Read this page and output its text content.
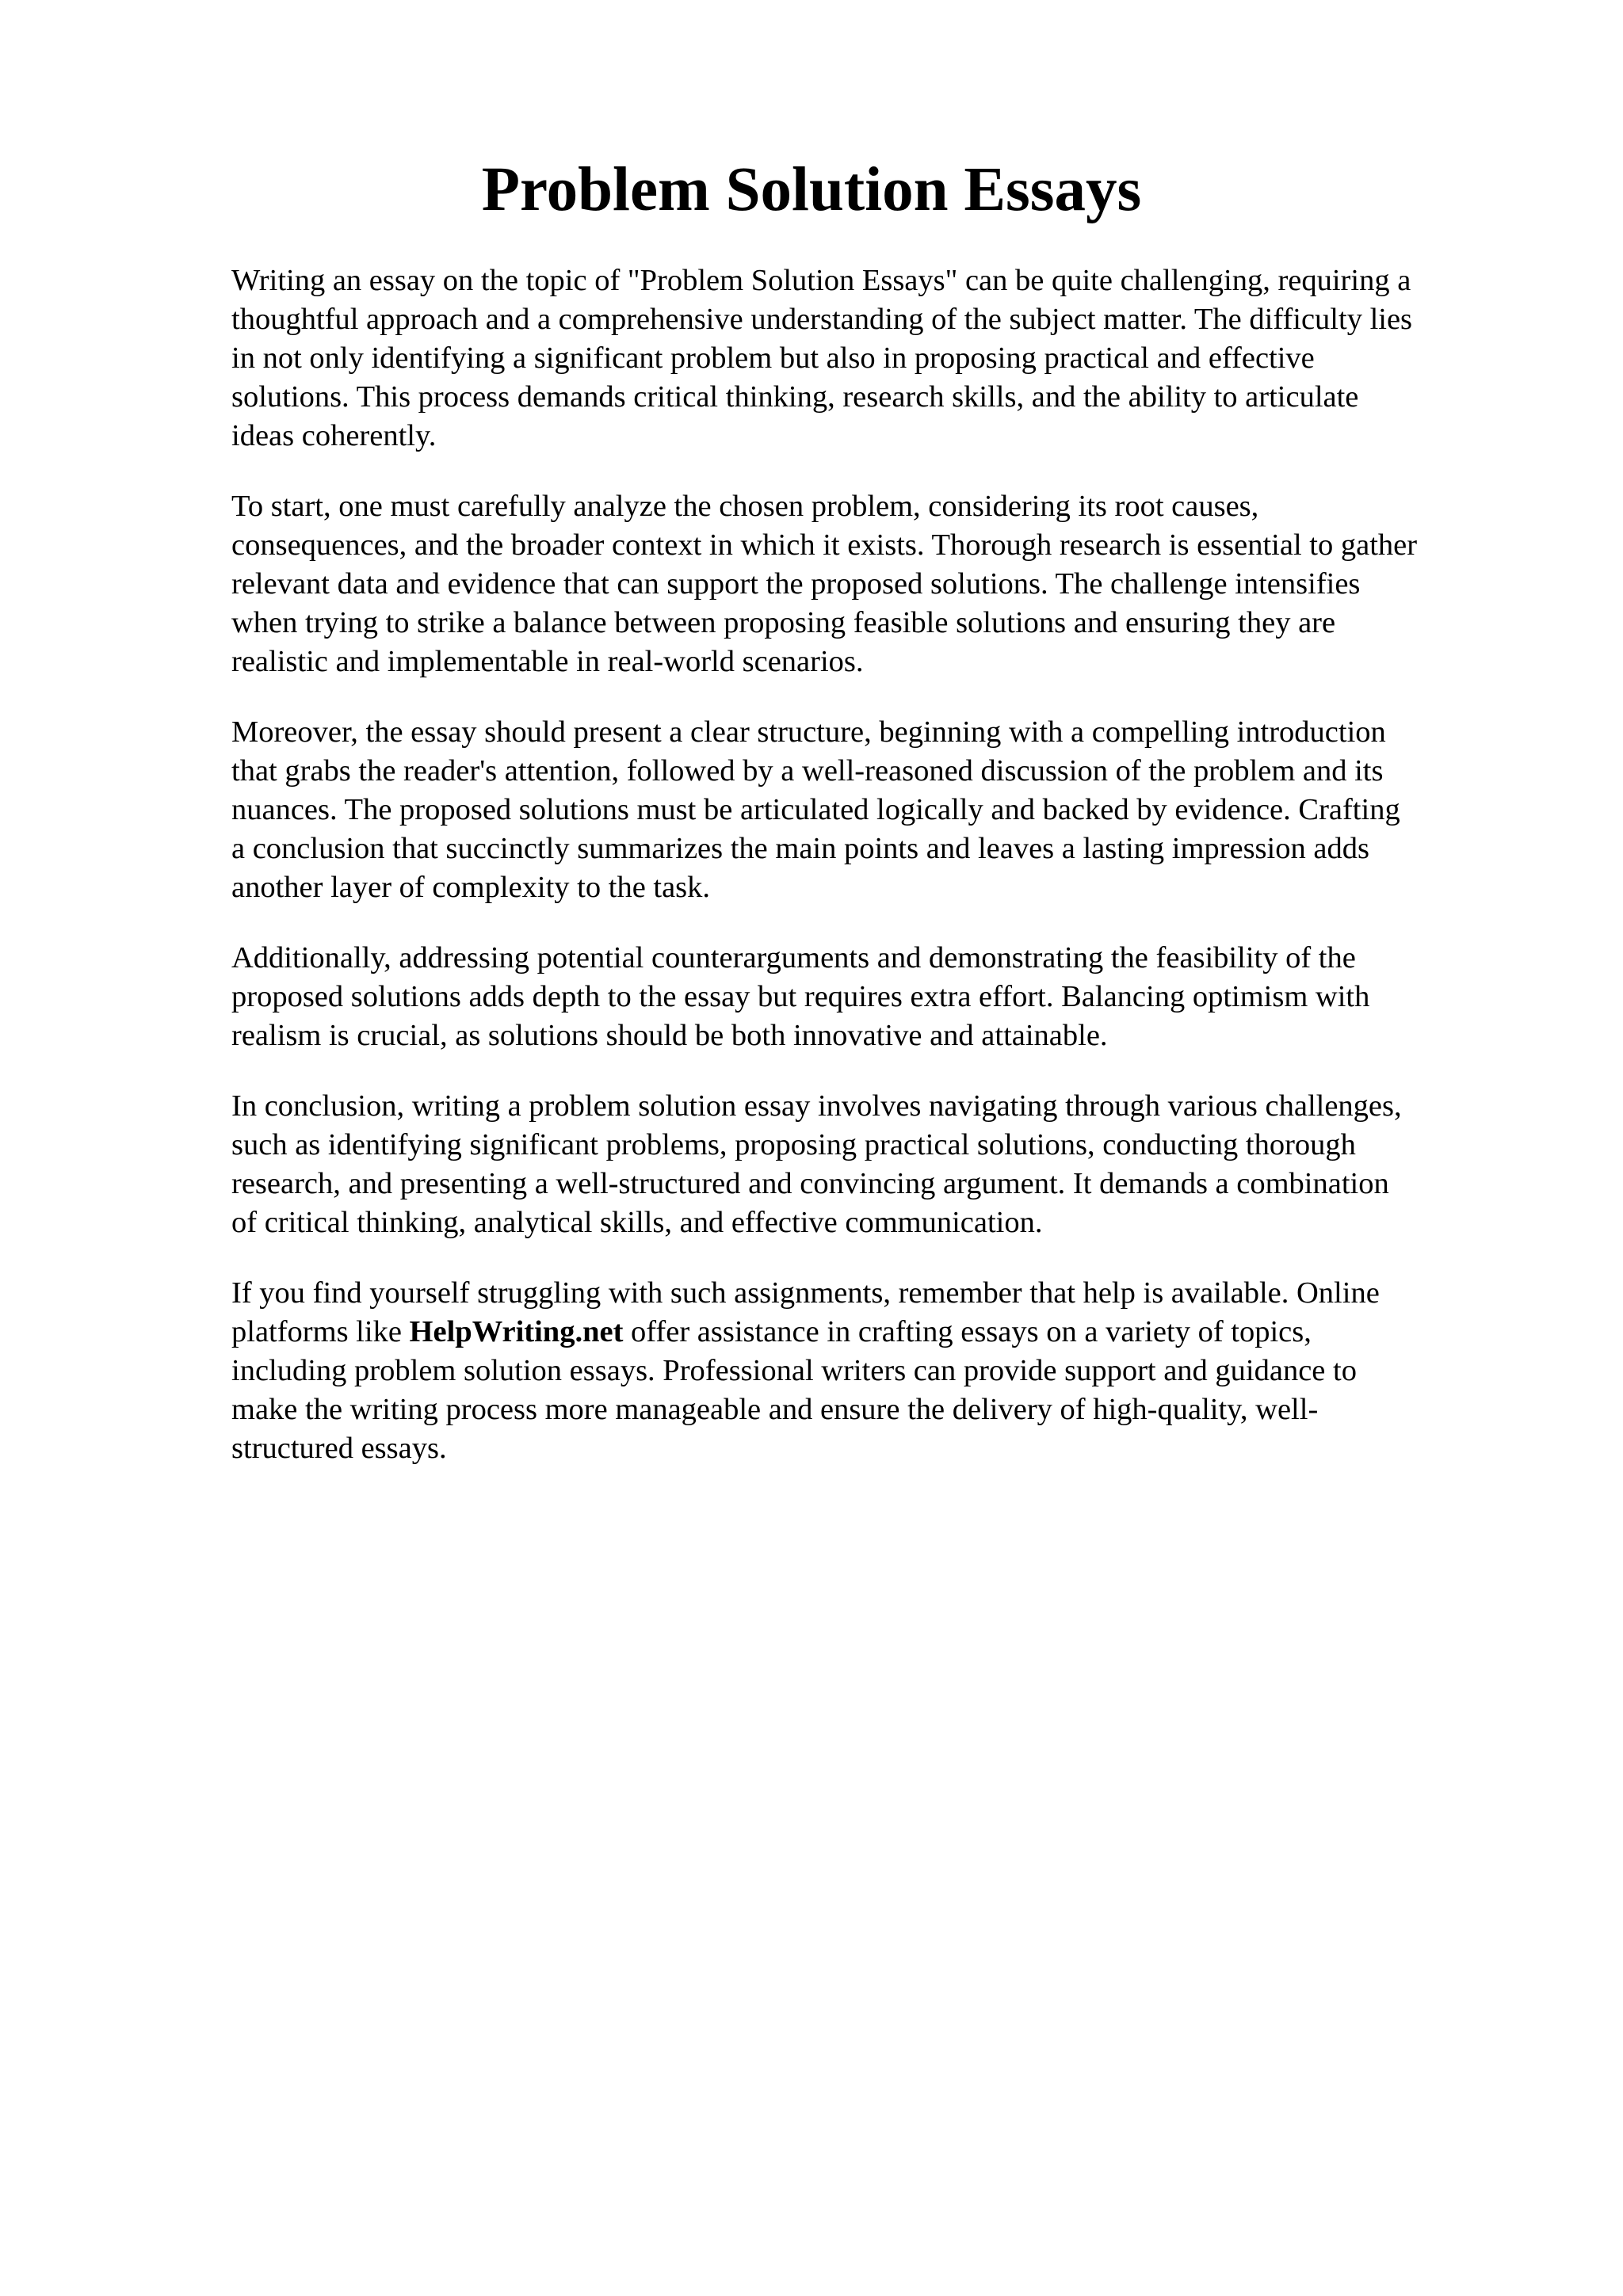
Problem Solution Essays

Writing an essay on the topic of "Problem Solution Essays" can be quite challenging, requiring a
thoughtful approach and a comprehensive understanding of the subject matter. The difficulty lies
in not only identifying a significant problem but also in proposing practical and effective
solutions. This process demands critical thinking, research skills, and the ability to articulate
ideas coherently.

To start, one must carefully analyze the chosen problem, considering its root causes,
consequences, and the broader context in which it exists. Thorough research is essential to gather
relevant data and evidence that can support the proposed solutions. The challenge intensifies
when trying to strike a balance between proposing feasible solutions and ensuring they are
realistic and implementable in real-world scenarios.

Moreover, the essay should present a clear structure, beginning with a compelling introduction
that grabs the reader's attention, followed by a well-reasoned discussion of the problem and its
nuances. The proposed solutions must be articulated logically and backed by evidence. Crafting
a conclusion that succinctly summarizes the main points and leaves a lasting impression adds
another layer of complexity to the task.

Additionally, addressing potential counterarguments and demonstrating the feasibility of the
proposed solutions adds depth to the essay but requires extra effort. Balancing optimism with
realism is crucial, as solutions should be both innovative and attainable.

In conclusion, writing a problem solution essay involves navigating through various challenges,
such as identifying significant problems, proposing practical solutions, conducting thorough
research, and presenting a well-structured and convincing argument. It demands a combination
of critical thinking, analytical skills, and effective communication.

If you find yourself struggling with such assignments, remember that help is available. Online
platforms like HelpWriting.net offer assistance in crafting essays on a variety of topics,
including problem solution essays. Professional writers can provide support and guidance to
make the writing process more manageable and ensure the delivery of high-quality, well-
structured essays.
